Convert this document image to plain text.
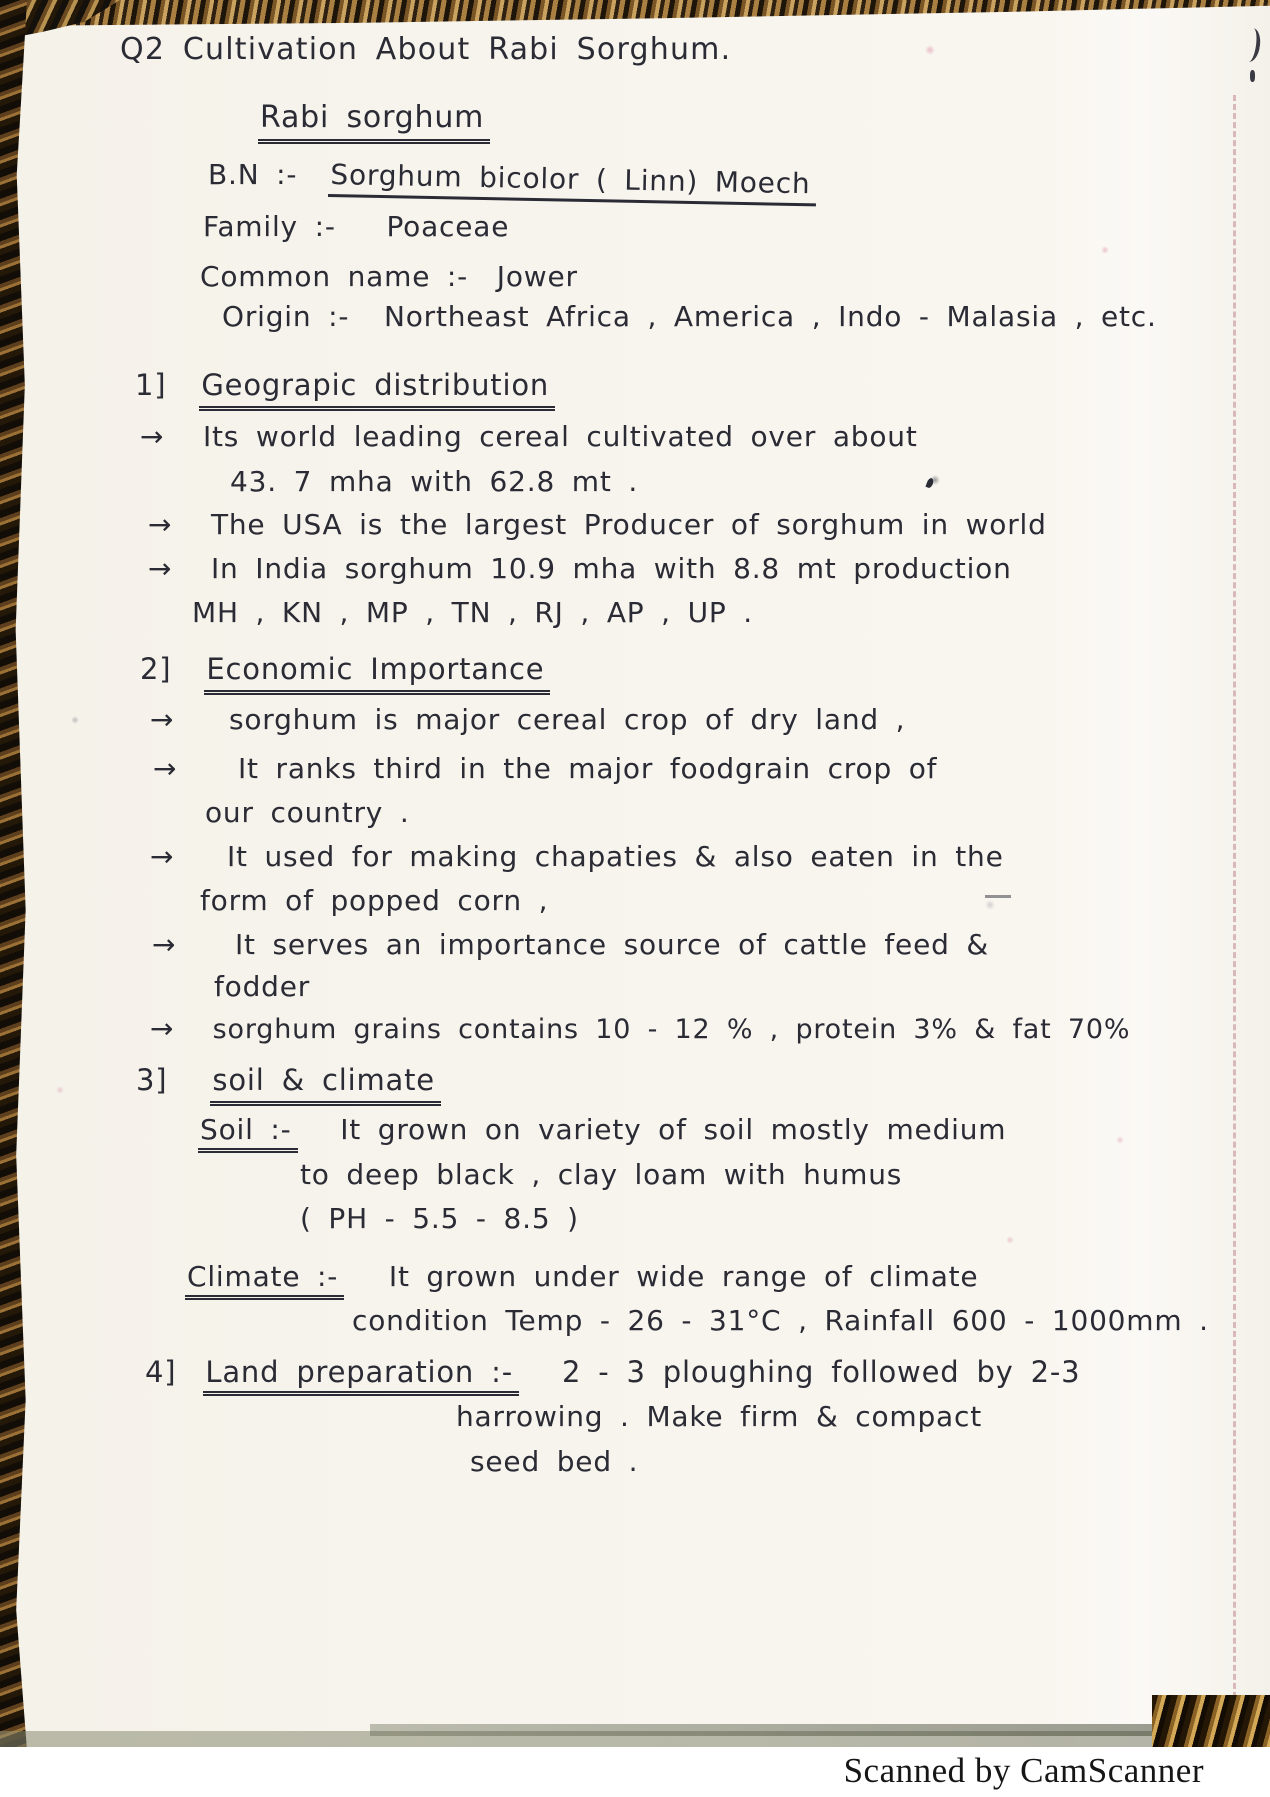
Q2 Cultivation About Rabi Sorghum.
Rabi sorghum
B.N :- Sorghum bicolor ( Linn) Moech
Family :- Poaceae
Common name :- Jower
Origin :- Northeast Africa , America , Indo - Malasia , etc.
1] Geograpic distribution
→ Its world leading cereal cultivated over about
43. 7 mha with 62.8 mt .
→ The USA is the largest Producer of sorghum in world
→ In India sorghum 10.9 mha with 8.8 mt production
MH , KN , MP , TN , RJ , AP , UP .
2] Economic Importance
→ sorghum is major cereal crop of dry land ,
→ It ranks third in the major foodgrain crop of
our country .
→ It used for making chapaties & also eaten in the
form of popped corn ,
→ It serves an importance source of cattle feed &
fodder
→ sorghum grains contains 10 - 12 % , protein 3% & fat 70%
3] soil & climate
Soil :- It grown on variety of soil mostly medium
to deep black , clay loam with humus
( PH - 5.5 - 8.5 )
Climate :- It grown under wide range of climate
condition Temp - 26 - 31°C , Rainfall 600 - 1000mm .
4] Land preparation :- 2 - 3 ploughing followed by 2-3
harrowing . Make firm & compact
seed bed .
Scanned by CamScanner
